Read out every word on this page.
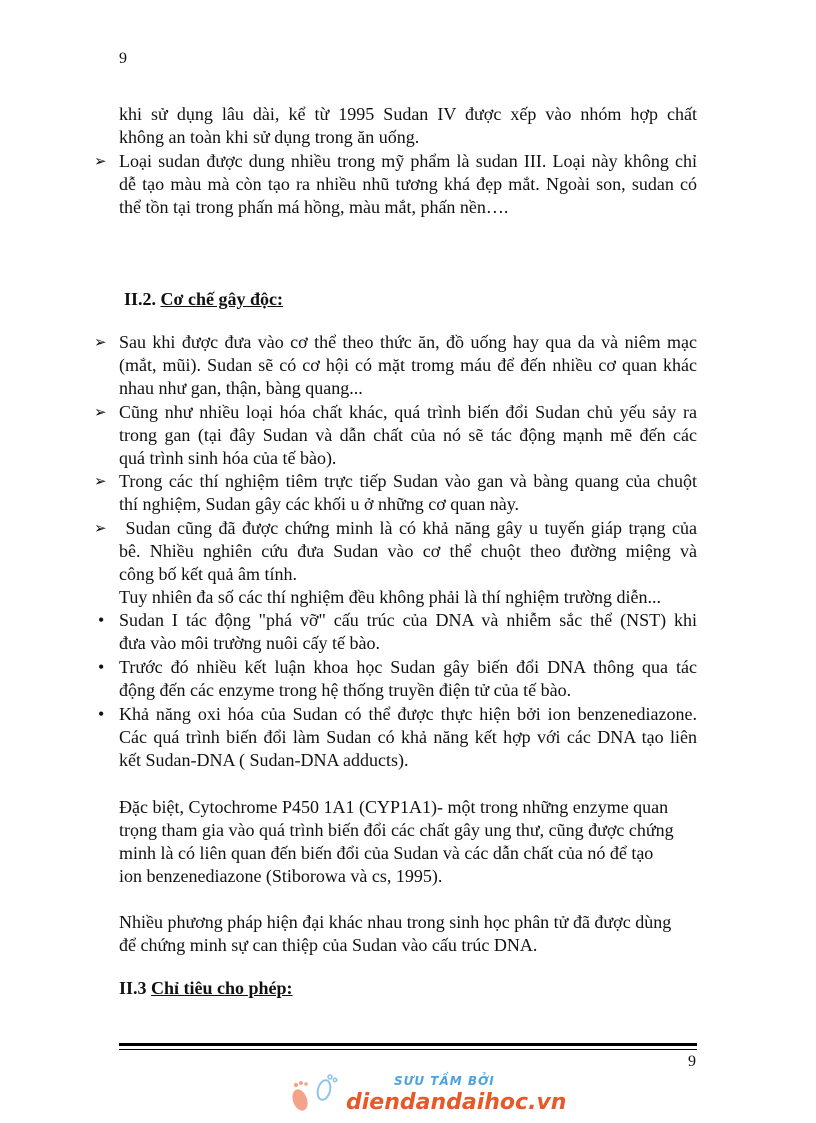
9
khi sử dụng lâu dài, kể từ 1995 Sudan IV được xếp vào nhóm hợp chất
không an toàn khi sử dụng trong ăn uống.
➢ Loại sudan được dung nhiều trong mỹ phẩm là sudan III. Loại này không chỉ
dễ tạo màu mà còn tạo ra nhiều nhũ tương khá đẹp mắt. Ngoài son, sudan có
thể tồn tại trong phấn má hồng, màu mắt, phấn nền….
II.2. Cơ chế gây độc:
➢ Sau khi được đưa vào cơ thể theo thức ăn, đồ uống hay qua da và niêm mạc
(mắt, mũi). Sudan sẽ có cơ hội có mặt tromg máu để đến nhiều cơ quan khác
nhau như gan, thận, bàng quang...
➢ Cũng như nhiều loại hóa chất khác, quá trình biến đổi Sudan chủ yếu sảy ra
trong gan (tại đây Sudan và dẫn chất của nó sẽ tác động mạnh mẽ đến các
quá trình sinh hóa của tế bào).
➢ Trong các thí nghiệm tiêm trực tiếp Sudan vào gan và bàng quang của chuột
thí nghiệm, Sudan gây các khối u ở những cơ quan này.
➢ Sudan cũng đã được chứng minh là có khả năng gây u tuyến giáp trạng của
bê. Nhiều nghiên cứu đưa Sudan vào cơ thể chuột theo đường miệng và
công bố kết quả âm tính.
Tuy nhiên đa số các thí nghiệm đều không phải là thí nghiệm trường diễn...
• Sudan I tác động "phá vỡ" cấu trúc của DNA và nhiễm sắc thể (NST) khi
đưa vào môi trường nuôi cấy tế bào.
• Trước đó nhiều kết luận khoa học Sudan gây biến đổi DNA thông qua tác
động đến các enzyme trong hệ thống truyền điện tử của tế bào.
• Khả năng oxi hóa của Sudan có thể được thực hiện bởi ion benzenediazone.
Các quá trình biến đổi làm Sudan có khả năng kết hợp với các DNA tạo liên
kết Sudan-DNA ( Sudan-DNA adducts).
Đặc biệt, Cytochrome P450 1A1 (CYP1A1)- một trong những enzyme quan
trọng tham gia vào quá trình biến đổi các chất gây ung thư, cũng được chứng
minh là có liên quan đến biến đổi của Sudan và các dẫn chất của nó để tạo
ion benzenediazone (Stiborowa và cs, 1995).
Nhiều phương pháp hiện đại khác nhau trong sinh học phân tử đã được dùng
để chứng minh sự can thiệp của Sudan vào cấu trúc DNA.
II.3 Chỉ tiêu cho phép:
9
SƯU TẦM BỞI
diendandaihoc.vn
